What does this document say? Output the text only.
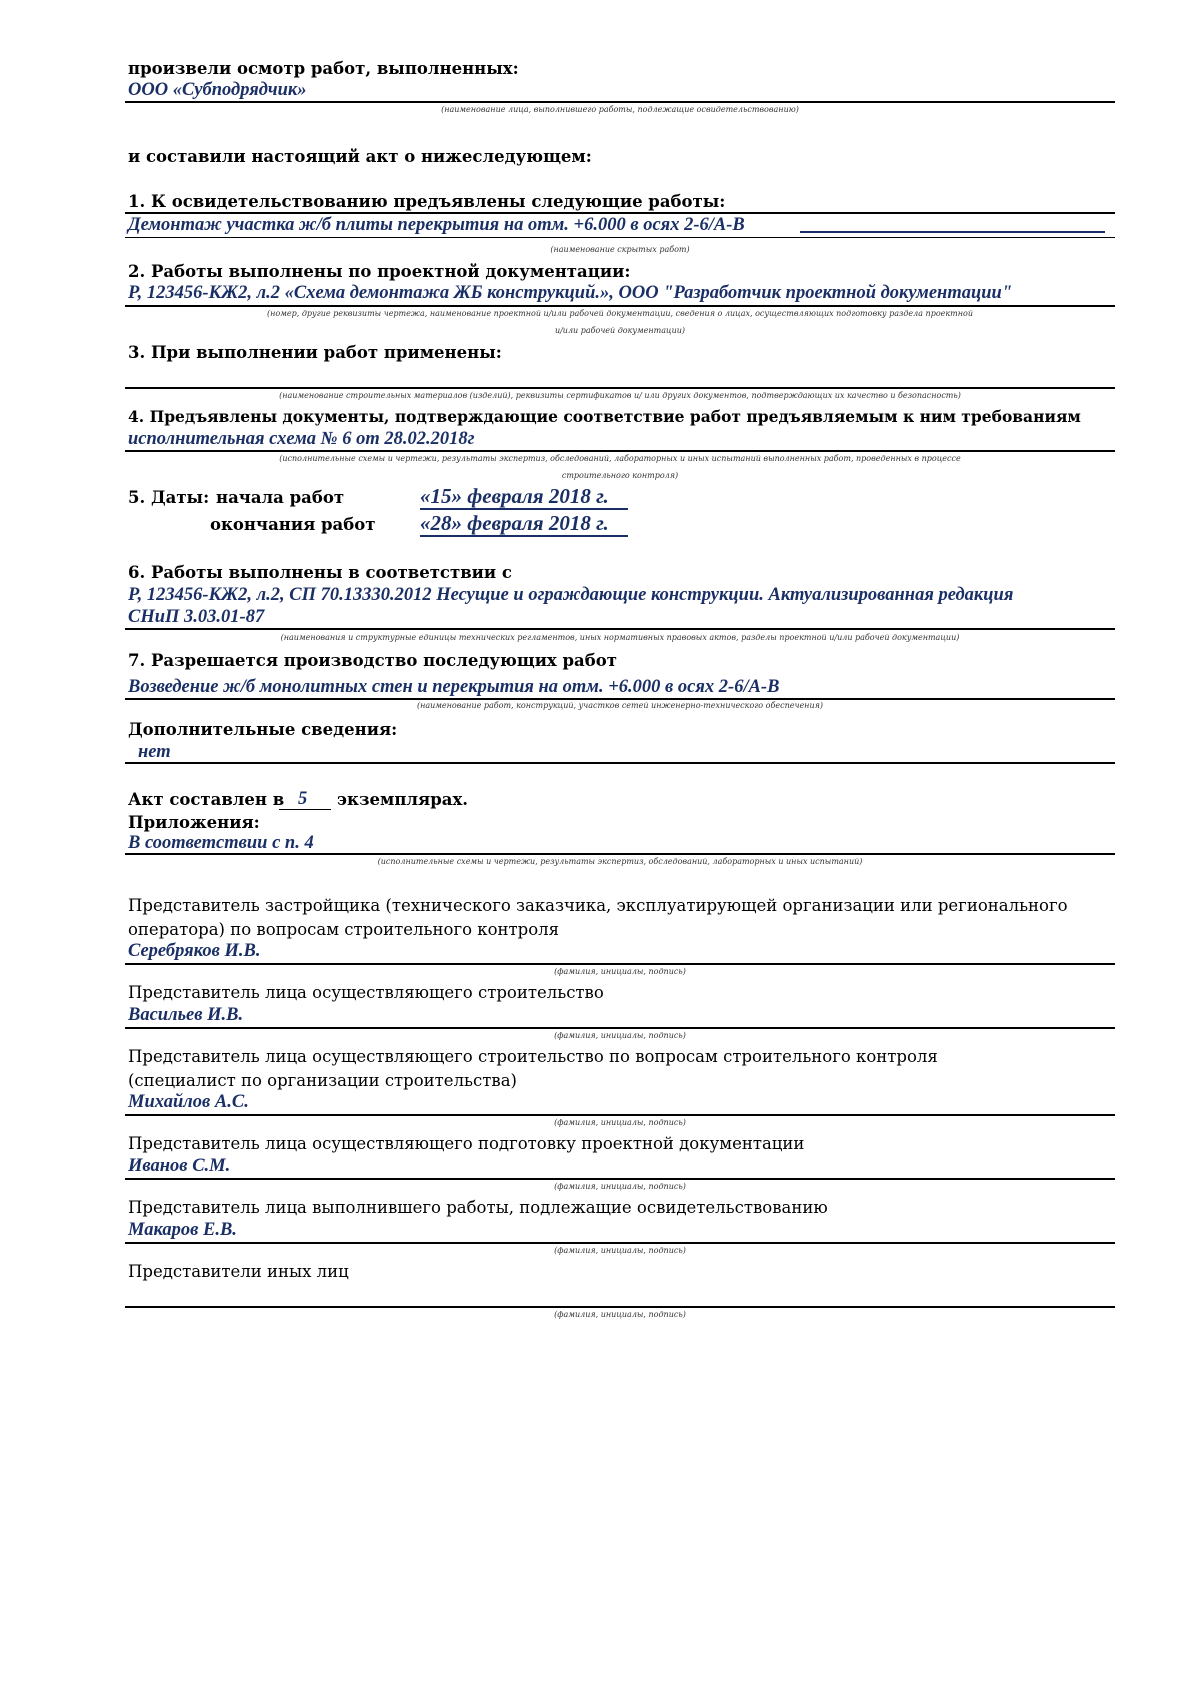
произвели осмотр работ, выполненных:
ООО «Субподрядчик»
(наименование лица, выполнившего работы, подлежащие освидетельствованию)
и составили настоящий акт о нижеследующем:
1. К освидетельствованию предъявлены следующие работы:
Демонтаж участка ж/б плиты перекрытия на отм. +6.000 в осях 2-6/А-В
(наименование скрытых работ)
2. Работы выполнены по проектной документации:
Р, 123456-КЖ2, л.2 «Схема демонтажа ЖБ конструкций.», ООО "Разработчик проектной документации"
(номер, другие реквизиты чертежа, наименование проектной и/или рабочей документации, сведения о лицах, осуществляющих подготовку раздела проектной
и/или рабочей документации)
3. При выполнении работ применены:
(наименование строительных материалов (изделий), реквизиты сертификатов и/ или других документов, подтверждающих их качество и безопасность)
4. Предъявлены документы, подтверждающие соответствие работ предъявляемым к ним требованиям
исполнительная схема № 6 от 28.02.2018г
(исполнительные схемы и чертежи, результаты экспертиз, обследований, лабораторных и иных испытаний выполненных работ, проведенных в процессе
строительного контроля)
5. Даты: начала работ	«15» февраля 2018 г.
окончания работ «28» февраля 2018 г.
6. Работы выполнены в соответствии с
Р, 123456-КЖ2, л.2, СП 70.13330.2012 Несущие и ограждающие конструкции. Актуализированная редакция
СНиП 3.03.01-87
(наименования и структурные единицы технических регламентов, иных нормативных правовых актов, разделы проектной и/или рабочей документации)
7. Разрешается производство последующих работ
Возведение ж/б монолитных стен и перекрытия на отм. +6.000 в осях 2-6/А-В
(наименование работ, конструкций, участков сетей инженерно-технического обеспечения)
Дополнительные сведения:
нет
Акт составлен в 5 экземплярах.
Приложения:
В соответствии с п. 4
(исполнительные схемы и чертежи, результаты экспертиз, обследований, лабораторных и иных испытаний)
Представитель застройщика (технического заказчика, эксплуатирующей организации или регионального
оператора) по вопросам строительного контроля
Серебряков И.В.
(фамилия, инициалы, подпись)
Представитель лица осуществляющего строительство
Васильев И.В.
(фамилия, инициалы, подпись)
Представитель лица осуществляющего строительство по вопросам строительного контроля
(специалист по организации строительства)
Михайлов А.С.
(фамилия, инициалы, подпись)
Представитель лица осуществляющего подготовку проектной документации
Иванов С.М.
(фамилия, инициалы, подпись)
Представитель лица выполнившего работы, подлежащие освидетельствованию
Макаров Е.В.
(фамилия, инициалы, подпись)
Представители иных лиц
(фамилия, инициалы, подпись)
